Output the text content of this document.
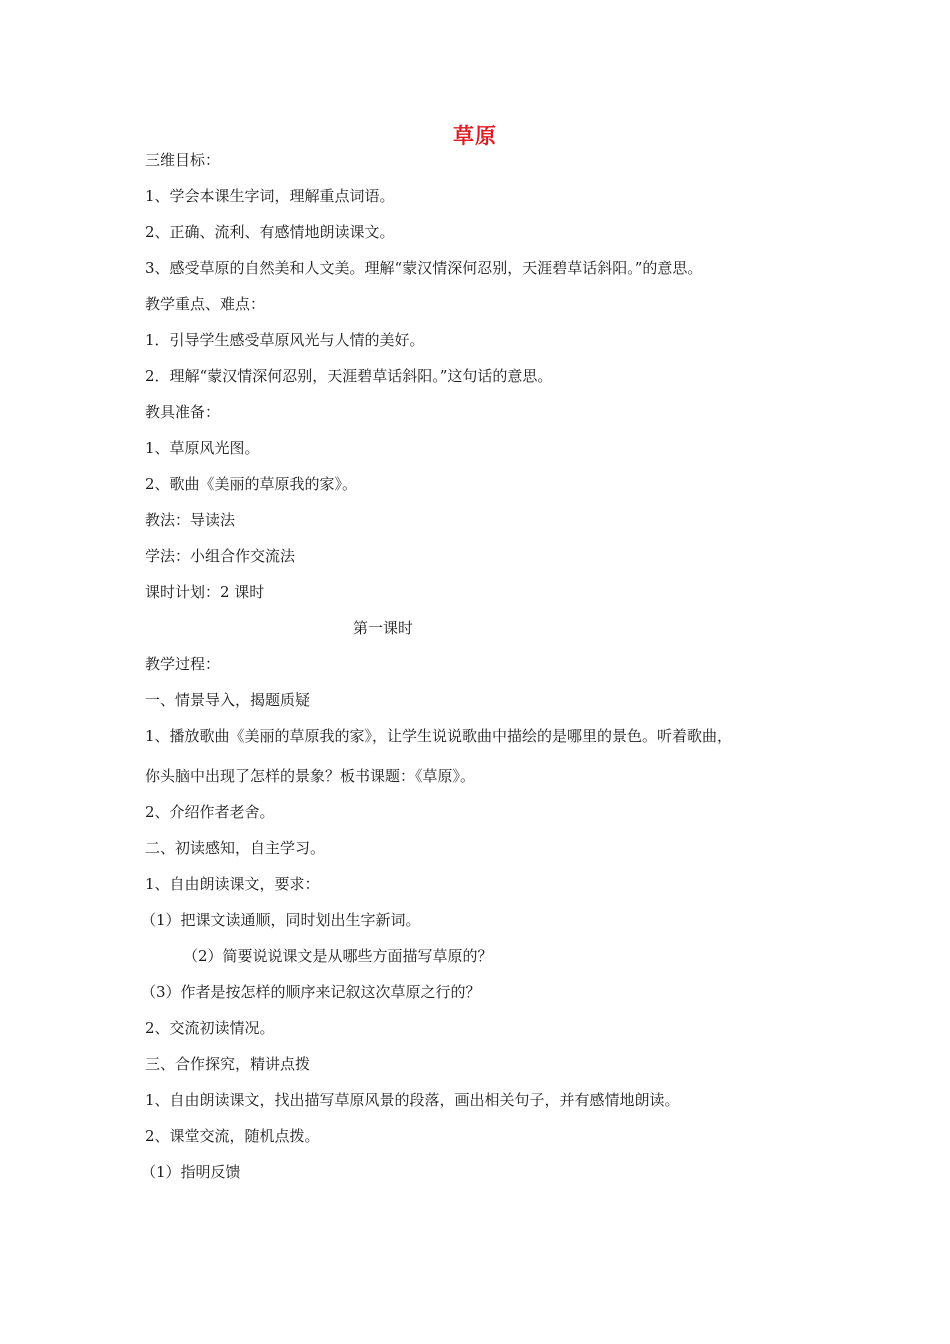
草原
三维目标：
1、学会本课生字词，理解重点词语。
2、正确、流利、有感情地朗读课文。
3、感受草原的自然美和人文美。理解“蒙汉情深何忍别，天涯碧草话斜阳。”的意思。
教学重点、难点：
1．引导学生感受草原风光与人情的美好。
2．理解“蒙汉情深何忍别，天涯碧草话斜阳。”这句话的意思。
教具准备：
1、草原风光图。
2、歌曲《美丽的草原我的家》。
教法：导读法
学法：小组合作交流法
课时计划：2 课时
第一课时
教学过程：
一、情景导入，揭题质疑
1、播放歌曲《美丽的草原我的家》，让学生说说歌曲中描绘的是哪里的景色。听着歌曲，
你头脑中出现了怎样的景象？板书课题：《草原》。
2、介绍作者老舍。
二、初读感知，自主学习。
1、自由朗读课文，要求：
（1）把课文读通顺，同时划出生字新词。
（2）简要说说课文是从哪些方面描写草原的？
（3）作者是按怎样的顺序来记叙这次草原之行的？
2、交流初读情况。
三、合作探究，精讲点拨
1、自由朗读课文，找出描写草原风景的段落，画出相关句子，并有感情地朗读。
2、课堂交流，随机点拨。
（1）指明反馈
